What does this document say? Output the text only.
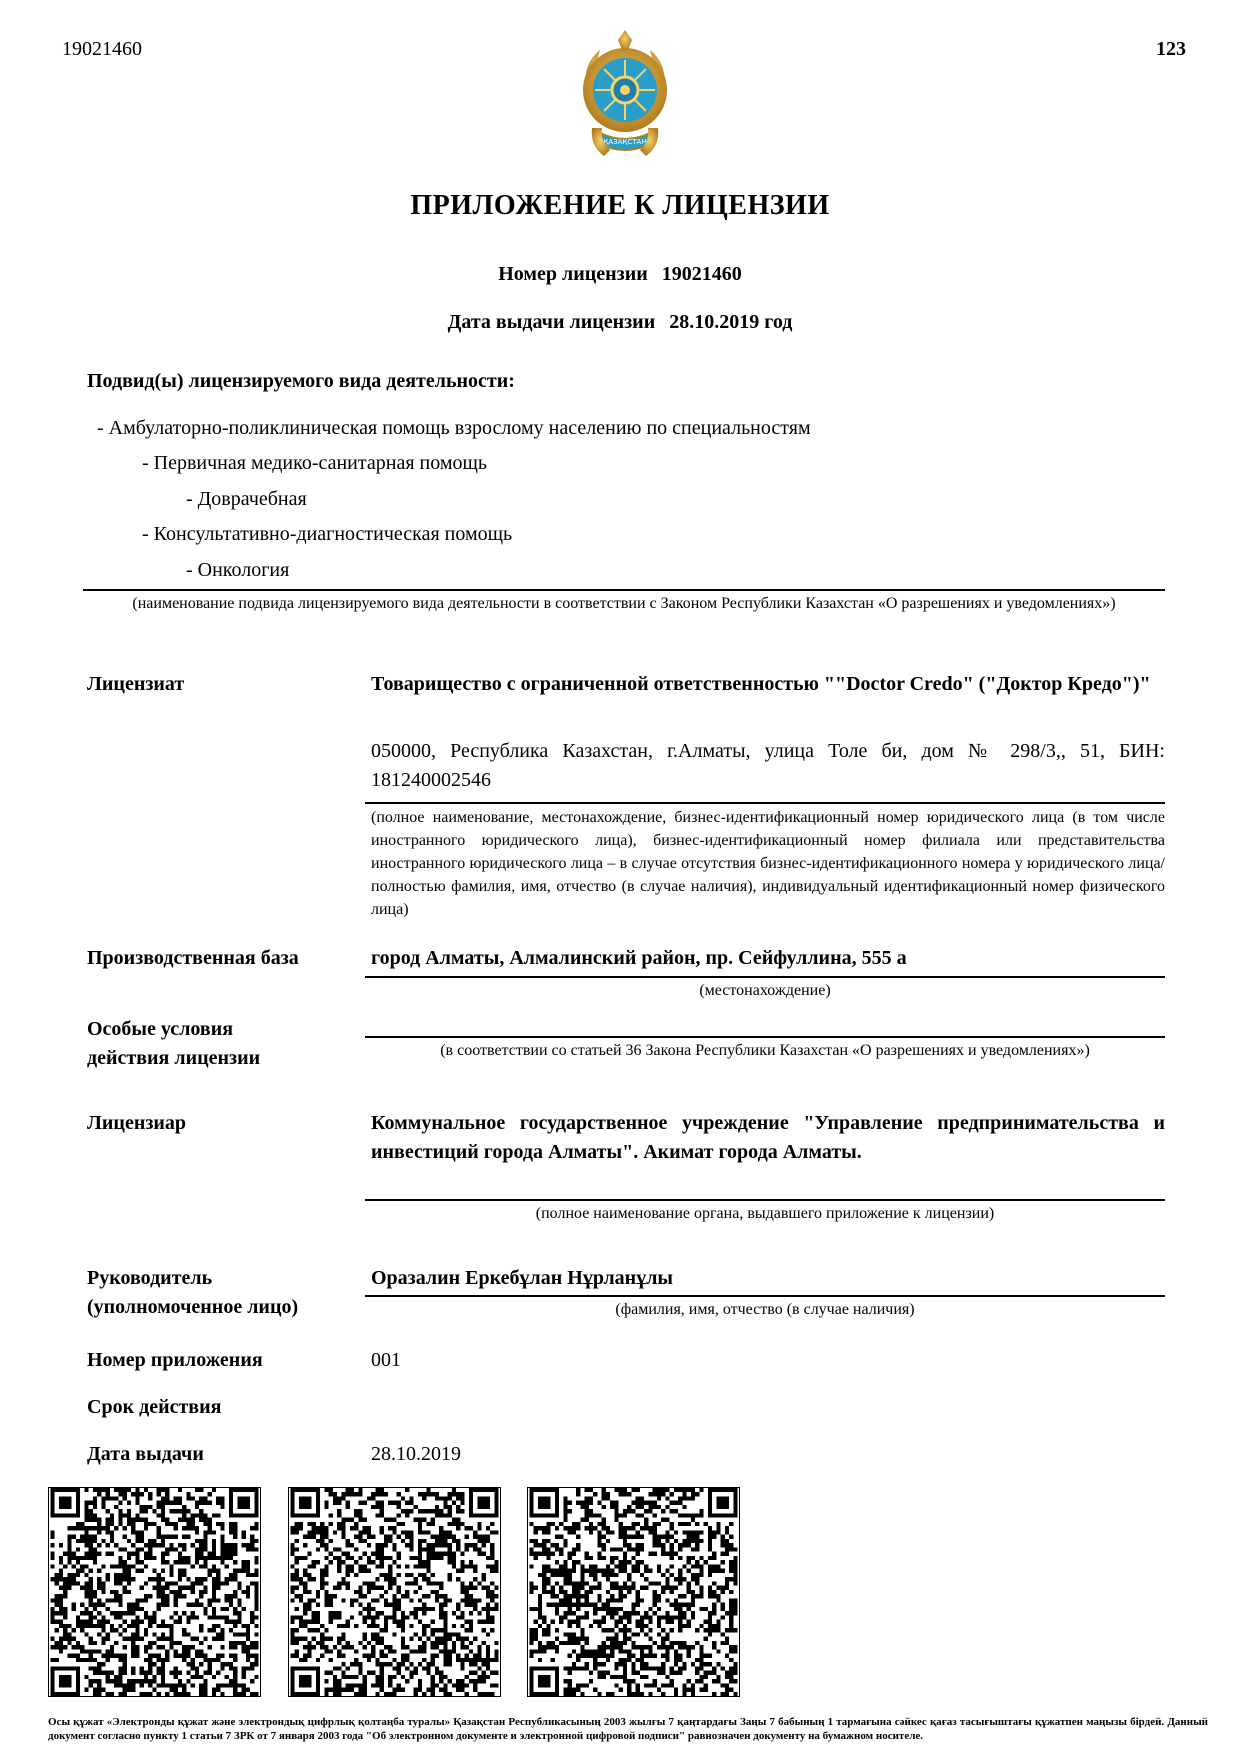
19021460	123
ҚАЗАҚСТАН
ПРИЛОЖЕНИЕ К ЛИЦЕНЗИИ
Номер лицензии 19021460
Дата выдачи лицензии 28.10.2019 год
Подвид(ы) лицензируемого вида деятельности:
- Амбулаторно-поликлиническая помощь взрослому населению по специальностям
- Первичная медико-санитарная помощь
- Доврачебная
- Консультативно-диагностическая помощь
- Онкология
(наименование подвида лицензируемого вида деятельности в соответствии с Законом Республики Казахстан «О разрешениях и уведомлениях»)
Лицензиат	Товарищество с ограниченной ответственностью ""Doctor Credo" ("Доктор Кредо")"
050000, Республика Казахстан, г.Алматы, улица Толе би, дом № 298/3,, 51, БИН: 181240002546
(полное наименование, местонахождение, бизнес-идентификационный номер юридического лица (в том числе иностранного юридического лица), бизнес-идентификационный номер филиала или представительства иностранного юридического лица – в случае отсутствия бизнес-идентификационного номера у юридического лица/полностью фамилия, имя, отчество (в случае наличия), индивидуальный идентификационный номер физического лица)
Производственная база	город Алматы, Алмалинский район, пр. Сейфуллина, 555 а
(местонахождение)
Особые условия
действия лицензии	(в соответствии со статьей 36 Закона Республики Казахстан «О разрешениях и уведомлениях»)
Лицензиар	Коммунальное государственное учреждение "Управление предпринимательства и инвестиций города Алматы". Акимат города Алматы.
(полное наименование органа, выдавшего приложение к лицензии)
Руководитель
(уполномоченное лицо)
Оразалин Еркебұлан Нұрланұлы
(фамилия, имя, отчество (в случае наличия)
Номер приложения	001
Срок действия
Дата выдачи	28.10.2019
Осы құжат «Электронды құжат және электрондық цифрлық қолтаңба туралы» Қазақстан Республикасының 2003 жылғы 7 қаңтардағы Заңы 7 бабының 1 тармағына сәйкес қағаз тасығыштағы құжатпен маңызы бірдей. Данный документ согласно пункту 1 статьи 7 ЗРК от 7 января 2003 года "Об электронном документе и электронной цифровой подписи" равнозначен документу на бумажном носителе.
